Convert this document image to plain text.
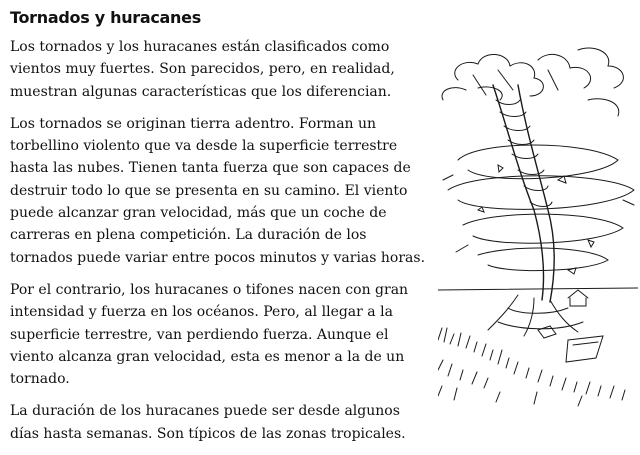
Tornados y huracanes

Los tornados y los huracanes están clasificados como vientos muy fuertes. Son parecidos, pero, en realidad, muestran algunas características que los diferencian.

Los tornados se originan tierra adentro. Forman un torbellino violento que va desde la superficie terrestre hasta las nubes. Tienen tanta fuerza que son capaces de destruir todo lo que se presenta en su camino. El viento puede alcanzar gran velocidad, más que un coche de carreras en plena competición. La duración de los tornados puede variar entre pocos minutos y varias horas.

Por el contrario, los huracanes o tifones nacen con gran intensidad y fuerza en los océanos. Pero, al llegar a la superficie terrestre, van perdiendo fuerza. Aunque el viento alcanza gran velocidad, esta es menor a la de un tornado.

La duración de los huracanes puede ser desde algunos días hasta semanas. Son típicos de las zonas tropicales.
